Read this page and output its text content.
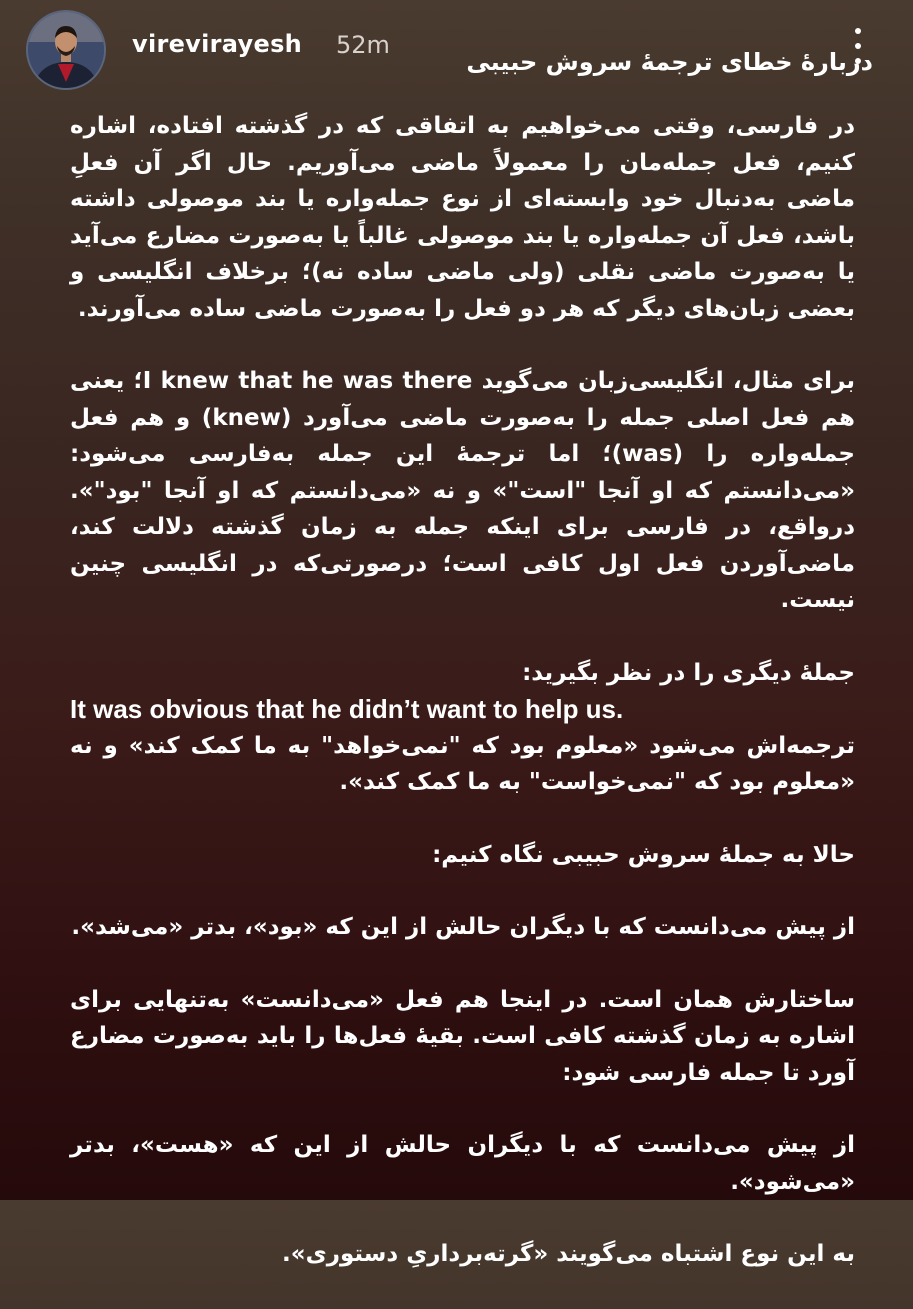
virevirayesh 52m
دربارهٔ خطای ترجمهٔ سروش حبیبی

در فارسی، وقتی می‌خواهیم به اتفاقی که در گذشته افتاده، اشاره کنیم، فعل جمله‌مان را معمولاً ماضی می‌آوریم. حال اگر آن فعلِ ماضی به‌دنبال خود وابسته‌ای از نوع جمله‌واره یا بند موصولی داشته باشد، فعل آن جمله‌واره یا بند موصولی غالباً یا به‌صورت مضارع می‌آید یا به‌صورت ماضی نقلی (ولی ماضی ساده نه)؛ برخلاف انگلیسی و بعضی زبان‌های دیگر که هر دو فعل را به‌صورت ماضی ساده می‌آورند.

برای مثال، انگلیسی‌زبان می‌گوید I knew that he was there؛ یعنی هم فعل اصلی جمله را به‌صورت ماضی می‌آورد (knew) و هم فعل جمله‌واره را (was)؛ اما ترجمهٔ این جمله به‌فارسی می‌شود: «می‌دانستم که او آنجا "است"» و نه «می‌دانستم که او آنجا "بود"». درواقع، در فارسی برای اینکه جمله به زمان گذشته دلالت کند، ماضی‌آوردن فعل اول کافی است؛ درصورتی‌که در انگلیسی چنین نیست.

جملهٔ دیگری را در نظر بگیرید:

It was obvious that he didn’t want to help us.

ترجمه‌اش می‌شود «معلوم بود که "نمی‌خواهد" به ما کمک کند» و نه «معلوم بود که "نمی‌خواست" به ما کمک کند».

حالا به جملهٔ سروش حبیبی نگاه کنیم:

از پیش می‌دانست که با دیگران حالش از این که «بود»، بدتر «می‌شد».

ساختارش همان است. در اینجا هم فعل «می‌دانست» به‌تنهایی برای اشاره به زمان گذشته کافی است. بقیهٔ فعل‌ها را باید به‌صورت مضارع آورد تا جمله فارسی شود:

از پیش می‌دانست که با دیگران حالش از این که «هست»، بدتر «می‌شود».

به این نوع اشتباه می‌گویند «گرته‌برداریِ دستوری».
